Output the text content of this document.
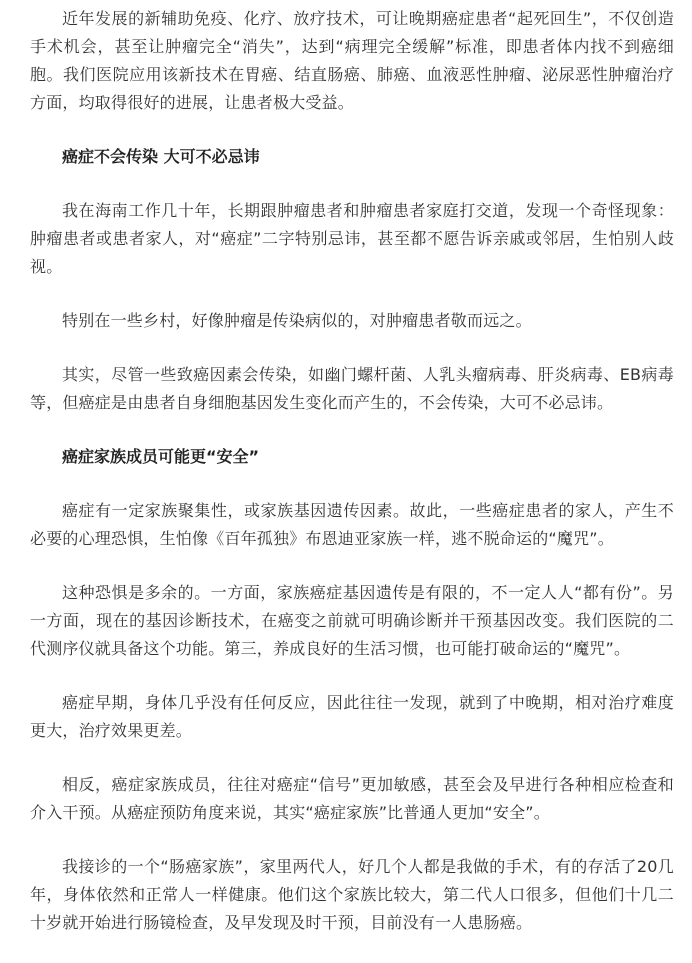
近年发展的新辅助免疫、化疗、放疗技术，可让晚期癌症患者“起死回生”，不仅创造手术机会，甚至让肿瘤完全“消失”，达到“病理完全缓解”标准，即患者体内找不到癌细胞。我们医院应用该新技术在胃癌、结直肠癌、肺癌、血液恶性肿瘤、泌尿恶性肿瘤治疗方面，均取得很好的进展，让患者极大受益。

癌症不会传染 大可不必忌讳

我在海南工作几十年，长期跟肿瘤患者和肿瘤患者家庭打交道，发现一个奇怪现象：肿瘤患者或患者家人，对“癌症”二字特别忌讳，甚至都不愿告诉亲戚或邻居，生怕别人歧视。

特别在一些乡村，好像肿瘤是传染病似的，对肿瘤患者敬而远之。

其实，尽管一些致癌因素会传染，如幽门螺杆菌、人乳头瘤病毒、肝炎病毒、EB病毒等，但癌症是由患者自身细胞基因发生变化而产生的，不会传染，大可不必忌讳。

癌症家族成员可能更“安全”

癌症有一定家族聚集性，或家族基因遗传因素。故此，一些癌症患者的家人，产生不必要的心理恐惧，生怕像《百年孤独》布恩迪亚家族一样，逃不脱命运的“魔咒”。

这种恐惧是多余的。一方面，家族癌症基因遗传是有限的，不一定人人“都有份”。另一方面，现在的基因诊断技术，在癌变之前就可明确诊断并干预基因改变。我们医院的二代测序仪就具备这个功能。第三，养成良好的生活习惯，也可能打破命运的“魔咒”。

癌症早期，身体几乎没有任何反应，因此往往一发现，就到了中晚期，相对治疗难度更大，治疗效果更差。

相反，癌症家族成员，往往对癌症“信号”更加敏感，甚至会及早进行各种相应检查和介入干预。从癌症预防角度来说，其实“癌症家族”比普通人更加“安全”。

我接诊的一个“肠癌家族”，家里两代人，好几个人都是我做的手术，有的存活了20几年，身体依然和正常人一样健康。他们这个家族比较大，第二代人口很多，但他们十几二十岁就开始进行肠镜检查，及早发现及时干预，目前没有一人患肠癌。
